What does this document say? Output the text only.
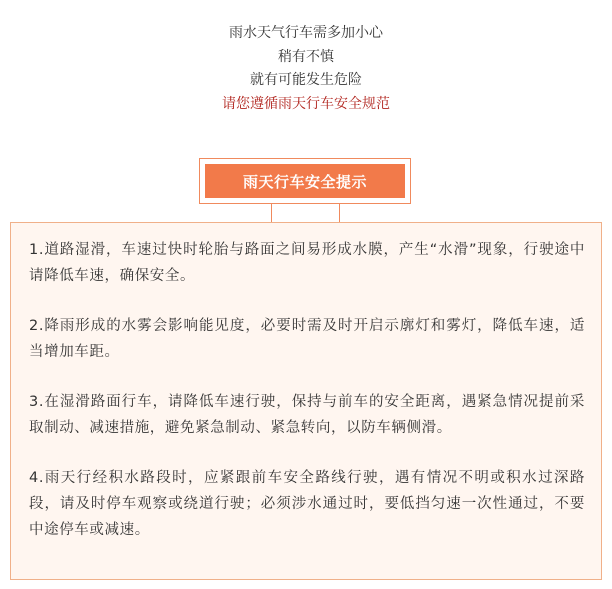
雨水天气行车需多加小心
稍有不慎
就有可能发生危险
请您遵循雨天行车安全规范
雨天行车安全提示

1.道路湿滑，车速过快时轮胎与路面之间易形成水膜，产生“水滑”现象，行驶途中请降低车速，确保安全。

2.降雨形成的水雾会影响能见度，必要时需及时开启示廓灯和雾灯，降低车速，适当增加车距。

3.在湿滑路面行车，请降低车速行驶，保持与前车的安全距离，遇紧急情况提前采取制动、减速措施，避免紧急制动、紧急转向，以防车辆侧滑。

4.雨天行经积水路段时，应紧跟前车安全路线行驶，遇有情况不明或积水过深路段，请及时停车观察或绕道行驶；必须涉水通过时，要低挡匀速一次性通过，不要中途停车或减速。
